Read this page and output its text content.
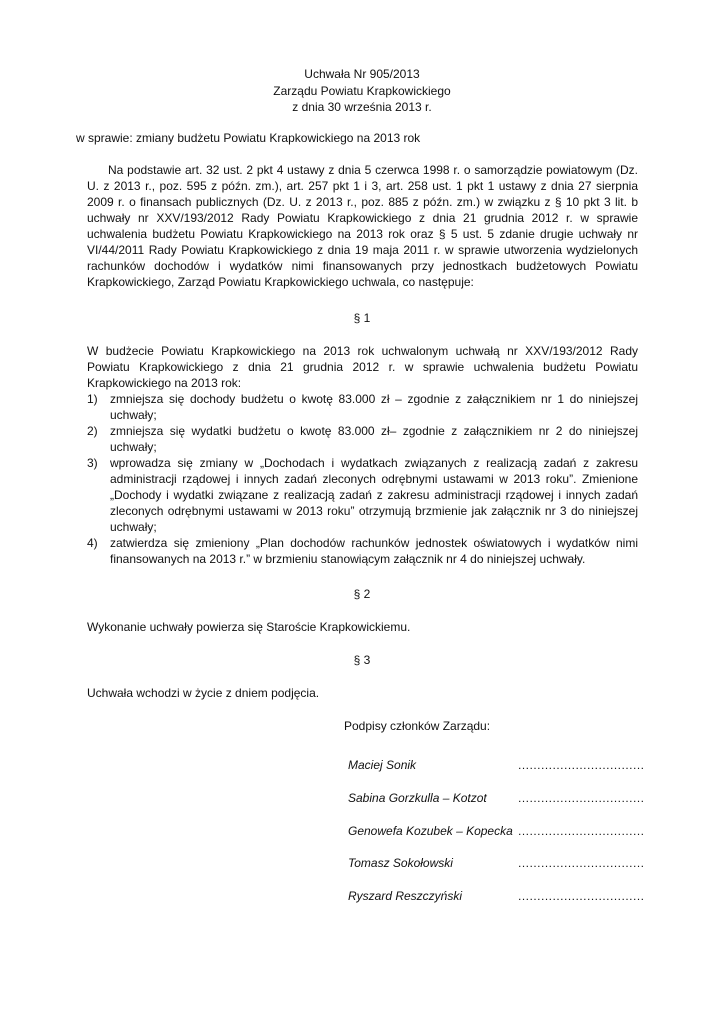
Uchwała Nr 905/2013
Zarządu Powiatu Krapkowickiego
z dnia 30 września 2013 r.
w sprawie: zmiany budżetu Powiatu Krapkowickiego na 2013 rok
Na podstawie art. 32 ust. 2 pkt 4 ustawy z dnia 5 czerwca 1998 r. o samorządzie powiatowym (Dz. U. z 2013 r., poz. 595 z późn. zm.), art. 257 pkt 1 i 3, art. 258 ust. 1 pkt 1 ustawy z dnia 27 sierpnia 2009 r. o finansach publicznych (Dz. U. z 2013 r., poz. 885 z późn. zm.) w związku z § 10 pkt 3 lit. b uchwały nr XXV/193/2012 Rady Powiatu Krapkowickiego z dnia 21 grudnia 2012 r. w sprawie uchwalenia budżetu Powiatu Krapkowickiego na 2013 rok oraz § 5 ust. 5 zdanie drugie uchwały nr VI/44/2011 Rady Powiatu Krapkowickiego z dnia 19 maja 2011 r. w sprawie utworzenia wydzielonych rachunków dochodów i wydatków nimi finansowanych przy jednostkach budżetowych Powiatu Krapkowickiego, Zarząd Powiatu Krapkowickiego uchwala, co następuje:
§ 1
W budżecie Powiatu Krapkowickiego na 2013 rok uchwalonym uchwałą nr XXV/193/2012 Rady Powiatu Krapkowickiego z dnia 21 grudnia 2012 r. w sprawie uchwalenia budżetu Powiatu Krapkowickiego na 2013 rok:
1) zmniejsza się dochody budżetu o kwotę 83.000 zł – zgodnie z załącznikiem nr 1 do niniejszej uchwały;
2) zmniejsza się wydatki budżetu o kwotę 83.000 zł– zgodnie z załącznikiem nr 2 do niniejszej uchwały;
3) wprowadza się zmiany w „Dochodach i wydatkach związanych z realizacją zadań z zakresu administracji rządowej i innych zadań zleconych odrębnymi ustawami w 2013 roku”. Zmienione „Dochody i wydatki związane z realizacją zadań z zakresu administracji rządowej i innych zadań zleconych odrębnymi ustawami w 2013 roku” otrzymują brzmienie jak załącznik nr 3 do niniejszej uchwały;
4) zatwierdza się zmieniony „Plan dochodów rachunków jednostek oświatowych i wydatków nimi finansowanych na 2013 r.” w brzmieniu stanowiącym załącznik nr 4 do niniejszej uchwały.
§ 2
Wykonanie uchwały powierza się Staroście Krapkowickiemu.
§ 3
Uchwała wchodzi w życie z dniem podjęcia.
Podpisy członków Zarządu:
Maciej Sonik	……………………………
Sabina Gorzkulla – Kotzot	……………………………
Genowefa Kozubek – Kopecka ……………………………
Tomasz Sokołowski	……………………………
Ryszard Reszczyński	……………………………
